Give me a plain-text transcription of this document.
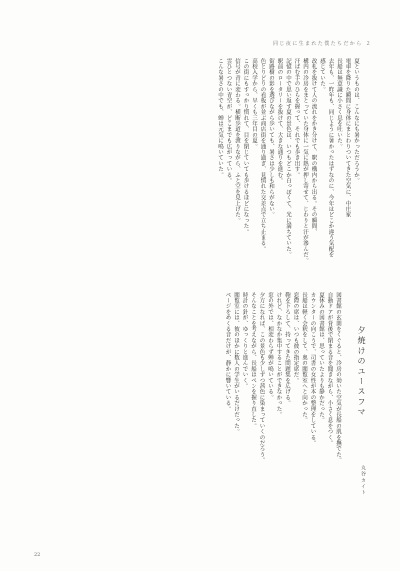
同じ夜に生まれた僕たちだから ２
夏というものは、こんなにも暑かっただろうか。
電車を降りた瞬間に身体にまとわりついてきた空気に、中庄家
長船は無意識に小さく息を吐いた。
去年も、一昨年も、同じように暑かったはずなのに、今年はどこか違う気配を
感じていた。
改札を抜けて人の流れをかき分けて、駅の構内から出る。その瞬間、
構内の冷房をまとっていた身体に一気に熱が押し寄せて、じわりと汗が滲んだ。
汗ばむ手のひらを握って、それでも歩き出す。
記憶の中で思い返す夏の景色は、いつもどこか白っぽくて、光に満ちていた。
駅前のロータリーを抜けて、大きな通りを進む。
街路樹の影を選びながら歩いても、暑さは少しも和らがない。
色とりどりの看板が並ぶ商店街を通り過ぎ、見慣れた交差点で立ち止まる。
高校入学から、早くも三年目の夏。
この街にもすっかり慣れて、目を閉じていても歩けるほどになった。
信号が青に変わる。横断歩道を渡りながら、ふと空を見上げた。
雲ひとつない青空が、どこまでも広がっている。
こんな暑さの中でも、蝉は元気に鳴いていた。
夕焼けのユースフマ
丸谷カイト
図書館の玄関をくぐると、冷房の効いた空気が長船の肌を撫でた。
自動ドアが背後で閉まる音を聞きながら、小さく息をつく。
夏休みの図書館は、思っていたよりも静かだった。
カウンターの向こうで、司書の女性が本の整理をしている。
長船は軽く会釈をして、奥の閲覧室へと向かった。
窓際の席は、いつも彼の指定席だ。
鞄を下ろして、持ってきた問題集を広げる。
けれど、なかなか集中することができなかった。
窓の外では、相変わらず蝉が鳴いている。
夕方になれば、この景色も少しずつ茜色に染まっていくのだろう。
そんなことを考えながら、長船はペンを握り直した。
時計の針が、ゆっくりと進んでいく。
閲覧室には、彼のほかに数人の学生がいるだけだった。
ページをめくる音だけが、静かに響いている。
22
